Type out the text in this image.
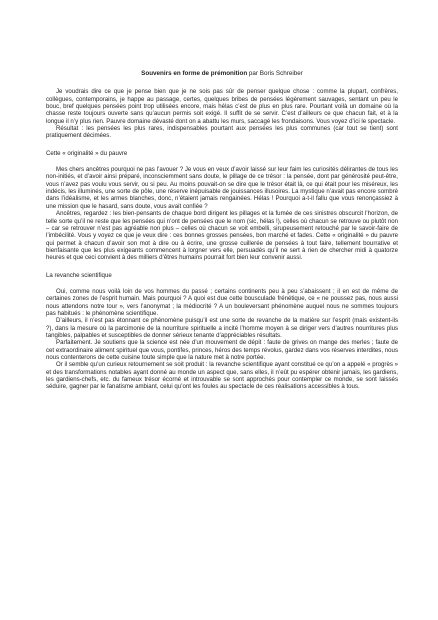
Souvenirs en forme de prémonition par Boris Schreiber

Je voudrais dire ce que je pense bien que je ne sois pas sûr de penser quelque chose : comme la plupart, confrères, collègues, contemporains, je happe au passage, certes, quelques bribes de pensées légèrement sauvages, sentant un peu le bouc, bref quelques pensées point trop utilisées encore, mais hélas c’est de plus en plus rare. Pourtant voilà un domaine où la chasse reste toujours ouverte sans qu’aucun permis soit exigé. Il suffit de se servir. C’est d’ailleurs ce que chacun fait, et à la longue il n’y plus rien. Pauvre domaine dévasté dont on a abattu les murs, saccagé les frondaisons. Vous voyez d’ici le spectacle.

Résultat : les pensées les plus rares, indispensables pourtant aux pensées les plus communes (car tout se tient) sont pratiquement décimées.

Cette « originalité » du pauvre

Mes chers ancêtres pourquoi ne pas l’avouer ? Je vous en veux d’avoir laissé sur leur faim les curiosités délirantes de tous les non-initiés, et d’avoir ainsi préparé, inconsciemment sans doute, le pillage de ce trésor : la pensée, dont par générosité peut-être, vous n’avez pas voulu vous servir, ou si peu. Au moins pouvait-on se dire que le trésor était là, ce qui était pour les miséreux, les indécis, les illuminés, une sorte de pôle, une réserve inépuisable de jouissances illusoires. La mystique n’avait pas encore sombré dans l’idéalisme, et les armes blanches, donc, n’étaient jamais rengainées. Hélas ! Pourquoi a-t-il fallu que vous renonçassiez à une mission que le hasard, sans doute, vous avait confiée ?

Ancêtres, regardez : les bien-pensants de chaque bord dirigent les pillages et la fumée de ces sinistres obscurcit l’horizon, de telle sorte qu’il ne reste que les pensées qui n’ont de pensées que le nom (sic, hélas !), celles où chacun se retrouve ou plutôt non – car se retrouver n’est pas agréable non plus – celles où chacun se voit embelli, sirupeusement retouché par le savoir-faire de l’imbécilité. Vous y voyez ce que je veux dire : ces bonnes grosses pensées, bon marché et fades. Cette « originalité » du pauvre qui permet à chacun d’avoir son mot à dire ou à écrire, une grosse cuillerée de pensées à tout faire, tellement bourrative et bienfaisante que les plus exigeants commencent à lorgner vers elle, persuadés qu’il ne sert à rien de chercher midi à quatorze heures et que ceci convient à des milliers d’êtres humains pourrait fort bien leur convenir aussi.

La revanche scientifique

Oui, comme nous voilà loin de vos hommes du passé ; certains continents peu à peu s’abaissent ; il en est de même de certaines zones de l’esprit humain. Mais pourquoi ? A quoi est due cette bousculade frénétique, ce « ne poussez pas, nous aussi nous attendons notre tour », vers l’anonymat ; la médiocrité ? A un bouleversant phénomène auquel nous ne sommes toujours pas habitués : le phénomène scientifique.

D’ailleurs, il n’est pas étonnant ce phénomène puisqu’il est une sorte de revanche de la matière sur l’esprit (mais existent-ils ?), dans la mesure où la parcimonie de la nourriture spirituelle a incité l’homme moyen à se diriger vers d’autres nourritures plus tangibles, palpables et susceptibles de donner sérieux tenante d’appréciables résultats.

Parfaitement. Je soutiens que la science est née d’un mouvement de dépit : faute de grives on mange des merles ; faute de cet extraordinaire aliment spirituel que vous, pontifes, princes, héros des temps révolus, gardez dans vos réserves interdites, nous nous contenterons de cette cuisine toute simple que la nature met à notre portée.

Or il semble qu’un curieux retournement se soit produit : la revanche scientifique ayant constitué ce qu’on a appelé « progrès » et des transformations notables ayant donné au monde un aspect que, sans elles, il n’eût pu espérer obtenir jamais, les gardiens, les gardiens-chefs, etc. du fameux trésor écorné et introuvable se sont approchés pour contempler ce monde, se sont laissés séduire, gagner par le fanatisme ambiant, celui qu’ont les foules au spectacle de ces réalisations accessibles à tous.
